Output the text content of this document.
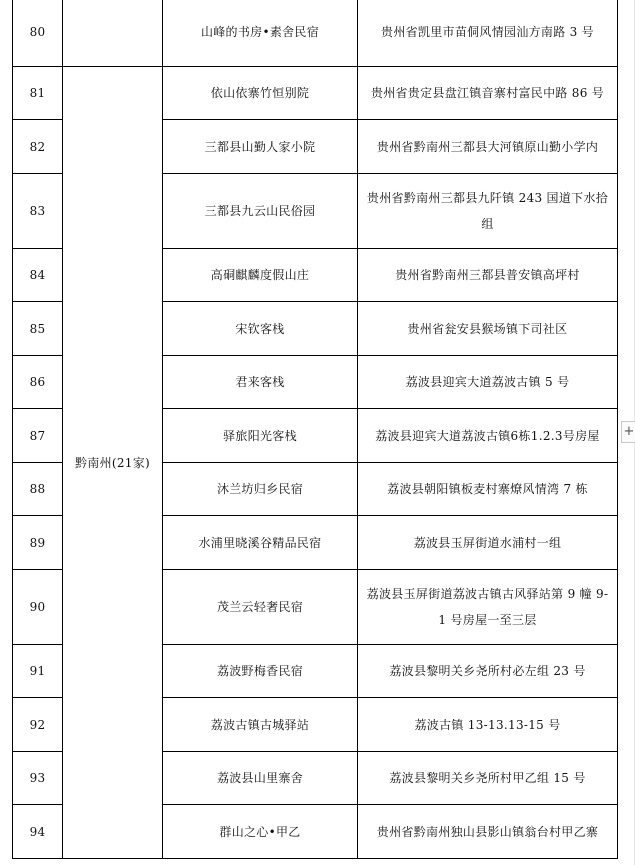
80		山峰的书房•素舍民宿	贵州省凯里市苗侗风情园汕方南路 3 号
81	黔南州(21家)	依山依寨竹恒别院	贵州省贵定县盘江镇音寨村富民中路 86 号
82		三都县山勤人家小院	贵州省黔南州三都县大河镇原山勤小学内
83		三都县九云山民俗园	贵州省黔南州三都县九阡镇 243 国道下水拾组
84		高硐麒麟度假山庄	贵州省黔南州三都县普安镇高坪村
85		宋钦客栈	贵州省瓮安县猴场镇下司社区
86		君来客栈	荔波县迎宾大道荔波古镇 5 号
87		驿旅阳光客栈	荔波县迎宾大道荔波古镇6栋1.2.3号房屋
88		沐兰坊归乡民宿	荔波县朝阳镇板麦村寨燎风情湾 7 栋
89		水浦里晓溪谷精品民宿	荔波县玉屏街道水浦村一组
90		茂兰云轻奢民宿	荔波县玉屏街道荔波古镇古风驿站第 9 幢 9-1 号房屋一至三层
91		荔波野梅香民宿	荔波县黎明关乡尧所村必左组 23 号
92		荔波古镇古城驿站	荔波古镇 13-13.13-15 号
93		荔波县山里寨舍	荔波县黎明关乡尧所村甲乙组 15 号
94		群山之心•甲乙	贵州省黔南州独山县影山镇翁台村甲乙寨
+
